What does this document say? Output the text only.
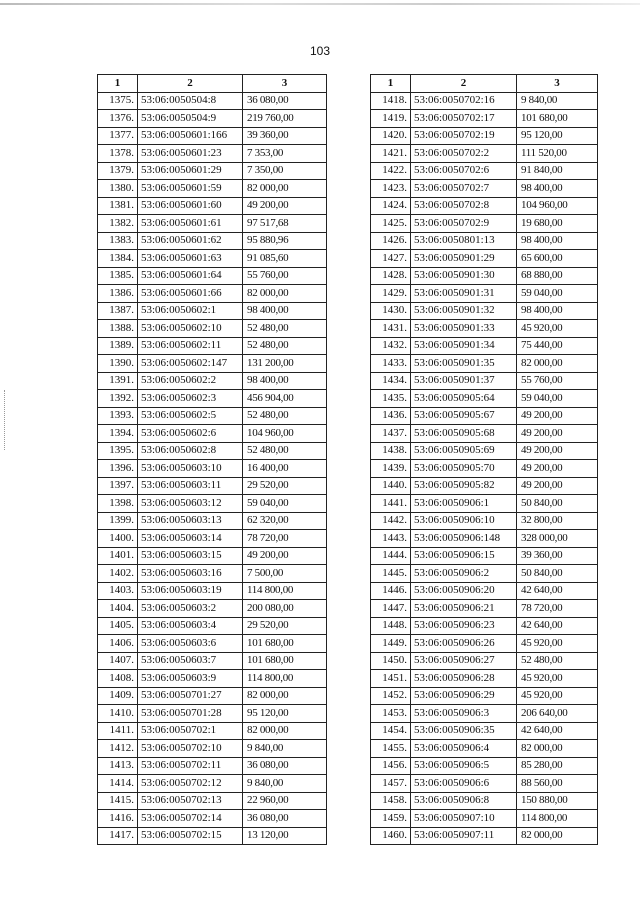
103
1	2	3
1375.	53:06:0050504:8	36 080,00
1376.	53:06:0050504:9	219 760,00
1377.	53:06:0050601:166	39 360,00
1378.	53:06:0050601:23	7 353,00
1379.	53:06:0050601:29	7 350,00
1380.	53:06:0050601:59	82 000,00
1381.	53:06:0050601:60	49 200,00
1382.	53:06:0050601:61	97 517,68
1383.	53:06:0050601:62	95 880,96
1384.	53:06:0050601:63	91 085,60
1385.	53:06:0050601:64	55 760,00
1386.	53:06:0050601:66	82 000,00
1387.	53:06:0050602:1	98 400,00
1388.	53:06:0050602:10	52 480,00
1389.	53:06:0050602:11	52 480,00
1390.	53:06:0050602:147	131 200,00
1391.	53:06:0050602:2	98 400,00
1392.	53:06:0050602:3	456 904,00
1393.	53:06:0050602:5	52 480,00
1394.	53:06:0050602:6	104 960,00
1395.	53:06:0050602:8	52 480,00
1396.	53:06:0050603:10	16 400,00
1397.	53:06:0050603:11	29 520,00
1398.	53:06:0050603:12	59 040,00
1399.	53:06:0050603:13	62 320,00
1400.	53:06:0050603:14	78 720,00
1401.	53:06:0050603:15	49 200,00
1402.	53:06:0050603:16	7 500,00
1403.	53:06:0050603:19	114 800,00
1404.	53:06:0050603:2	200 080,00
1405.	53:06:0050603:4	29 520,00
1406.	53:06:0050603:6	101 680,00
1407.	53:06:0050603:7	101 680,00
1408.	53:06:0050603:9	114 800,00
1409.	53:06:0050701:27	82 000,00
1410.	53:06:0050701:28	95 120,00
1411.	53:06:0050702:1	82 000,00
1412.	53:06:0050702:10	9 840,00
1413.	53:06:0050702:11	36 080,00
1414.	53:06:0050702:12	9 840,00
1415.	53:06:0050702:13	22 960,00
1416.	53:06:0050702:14	36 080,00
1417.	53:06:0050702:15	13 120,00
1	2	3
1418.	53:06:0050702:16	9 840,00
1419.	53:06:0050702:17	101 680,00
1420.	53:06:0050702:19	95 120,00
1421.	53:06:0050702:2	111 520,00
1422.	53:06:0050702:6	91 840,00
1423.	53:06:0050702:7	98 400,00
1424.	53:06:0050702:8	104 960,00
1425.	53:06:0050702:9	19 680,00
1426.	53:06:0050801:13	98 400,00
1427.	53:06:0050901:29	65 600,00
1428.	53:06:0050901:30	68 880,00
1429.	53:06:0050901:31	59 040,00
1430.	53:06:0050901:32	98 400,00
1431.	53:06:0050901:33	45 920,00
1432.	53:06:0050901:34	75 440,00
1433.	53:06:0050901:35	82 000,00
1434.	53:06:0050901:37	55 760,00
1435.	53:06:0050905:64	59 040,00
1436.	53:06:0050905:67	49 200,00
1437.	53:06:0050905:68	49 200,00
1438.	53:06:0050905:69	49 200,00
1439.	53:06:0050905:70	49 200,00
1440.	53:06:0050905:82	49 200,00
1441.	53:06:0050906:1	50 840,00
1442.	53:06:0050906:10	32 800,00
1443.	53:06:0050906:148	328 000,00
1444.	53:06:0050906:15	39 360,00
1445.	53:06:0050906:2	50 840,00
1446.	53:06:0050906:20	42 640,00
1447.	53:06:0050906:21	78 720,00
1448.	53:06:0050906:23	42 640,00
1449.	53:06:0050906:26	45 920,00
1450.	53:06:0050906:27	52 480,00
1451.	53:06:0050906:28	45 920,00
1452.	53:06:0050906:29	45 920,00
1453.	53:06:0050906:3	206 640,00
1454.	53:06:0050906:35	42 640,00
1455.	53:06:0050906:4	82 000,00
1456.	53:06:0050906:5	85 280,00
1457.	53:06:0050906:6	88 560,00
1458.	53:06:0050906:8	150 880,00
1459.	53:06:0050907:10	114 800,00
1460.	53:06:0050907:11	82 000,00
